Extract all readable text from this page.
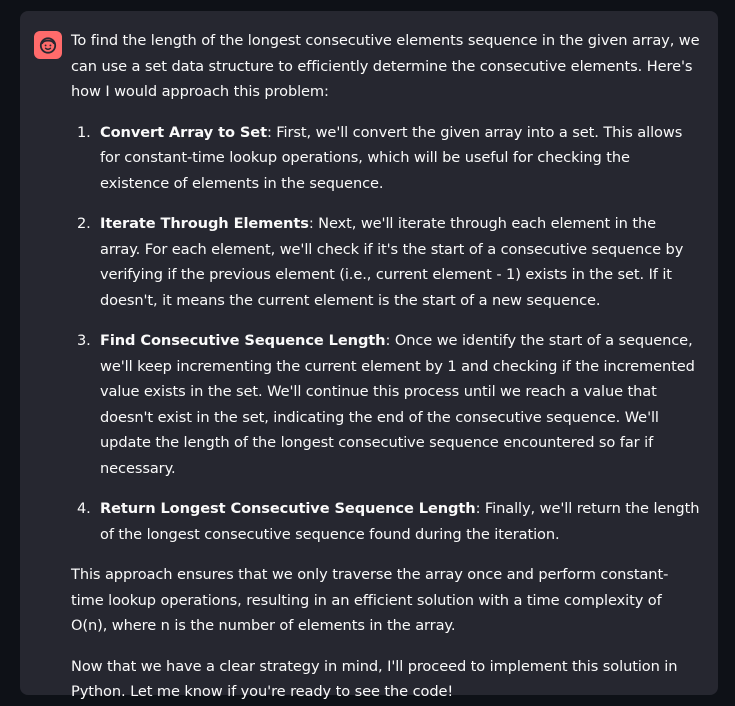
To find the length of the longest consecutive elements sequence in the given array, we can use a set data structure to efficiently determine the consecutive elements. Here's how I would approach this problem:

1. Convert Array to Set: First, we'll convert the given array into a set. This allows for constant-time lookup operations, which will be useful for checking the existence of elements in the sequence.
2. Iterate Through Elements: Next, we'll iterate through each element in the array. For each element, we'll check if it's the start of a consecutive sequence by verifying if the previous element (i.e., current element - 1) exists in the set. If it doesn't, it means the current element is the start of a new sequence.
3. Find Consecutive Sequence Length: Once we identify the start of a sequence, we'll keep incrementing the current element by 1 and checking if the incremented value exists in the set. We'll continue this process until we reach a value that doesn't exist in the set, indicating the end of the consecutive sequence. We'll update the length of the longest consecutive sequence encountered so far if necessary.
4. Return Longest Consecutive Sequence Length: Finally, we'll return the length of the longest consecutive sequence found during the iteration.

This approach ensures that we only traverse the array once and perform constant-time lookup operations, resulting in an efficient solution with a time complexity of O(n), where n is the number of elements in the array.

Now that we have a clear strategy in mind, I'll proceed to implement this solution in Python. Let me know if you're ready to see the code!
